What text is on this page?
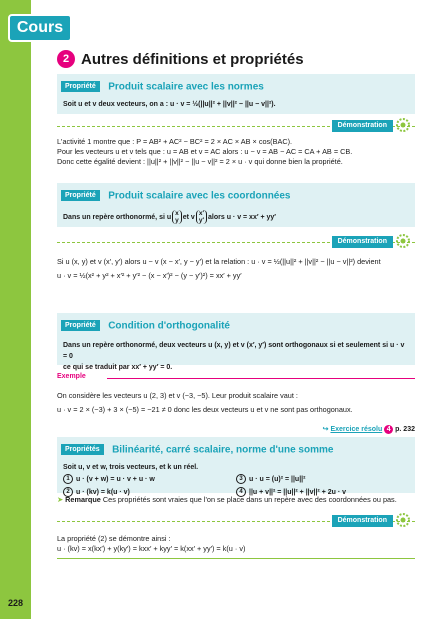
Cours
228
2 Autres définitions et propriétés
Propriété Produit scalaire avec les normes
Soit u et v deux vecteurs, on a : u · v = ½(||u||² + ||v||² − ||u − v||²).
Démonstration

L'activité 1 montre que : P = AB² + AC² − BC² = 2 × AC × AB × cos(BAC).

Pour les vecteurs u et v tels que : u = AB et v = AC alors : u − v = AB − AC = CA + AB = CB.

Donc cette égalité devient : ||u||² + ||v||² − ||u − v||² = 2 × u · v qui donne bien la propriété.

Propriété Produit scalaire avec les coordonnées
Dans un repère orthonormé, si u x
y et v x′
y′ alors u · v = xx′ + yy′
Démonstration

Si u (x, y) et v (x′, y′) alors u − v (x − x′, y − y′) et la relation : u · v = ½(||u||² + ||v||² − ||u − v||²) devient

u · v = ½(x² + y² + x′² + y′² − (x − x′)² − (y − y′)²) = xx′ + yy′

Propriété Condition d'orthogonalité
Dans un repère orthonormé, deux vecteurs u (x, y) et v (x′, y′) sont orthogonaux si et seulement si u · v = 0
ce qui se traduit par xx′ + yy′ = 0.
Exemple

On considère les vecteurs u (2, 3) et v (−3, −5). Leur produit scalaire vaut :

u · v = 2 × (−3) + 3 × (−5) = −21 ≠ 0 donc les deux vecteurs u et v ne sont pas orthogonaux.

↪ Exercice résolu 4 p. 232
Propriétés Bilinéarité, carré scalaire, norme d'une somme
Soit u, v et w, trois vecteurs, et k un réel.
1 u · (v + w) = u · v + u · w	3 u · u = (u)² = ||u||²
2 u · (kv) = k(u · v)	4 ||u + v||² = ||u||² + ||v||² + 2u · v
➤ Remarque Ces propriétés sont vraies que l'on se place dans un repère avec des coordonnées ou pas.
Démonstration

La propriété (2) se démontre ainsi :

u · (kv) = x(kx′) + y(ky′) = kxx′ + kyy′ = k(xx′ + yy′) = k(u · v)
